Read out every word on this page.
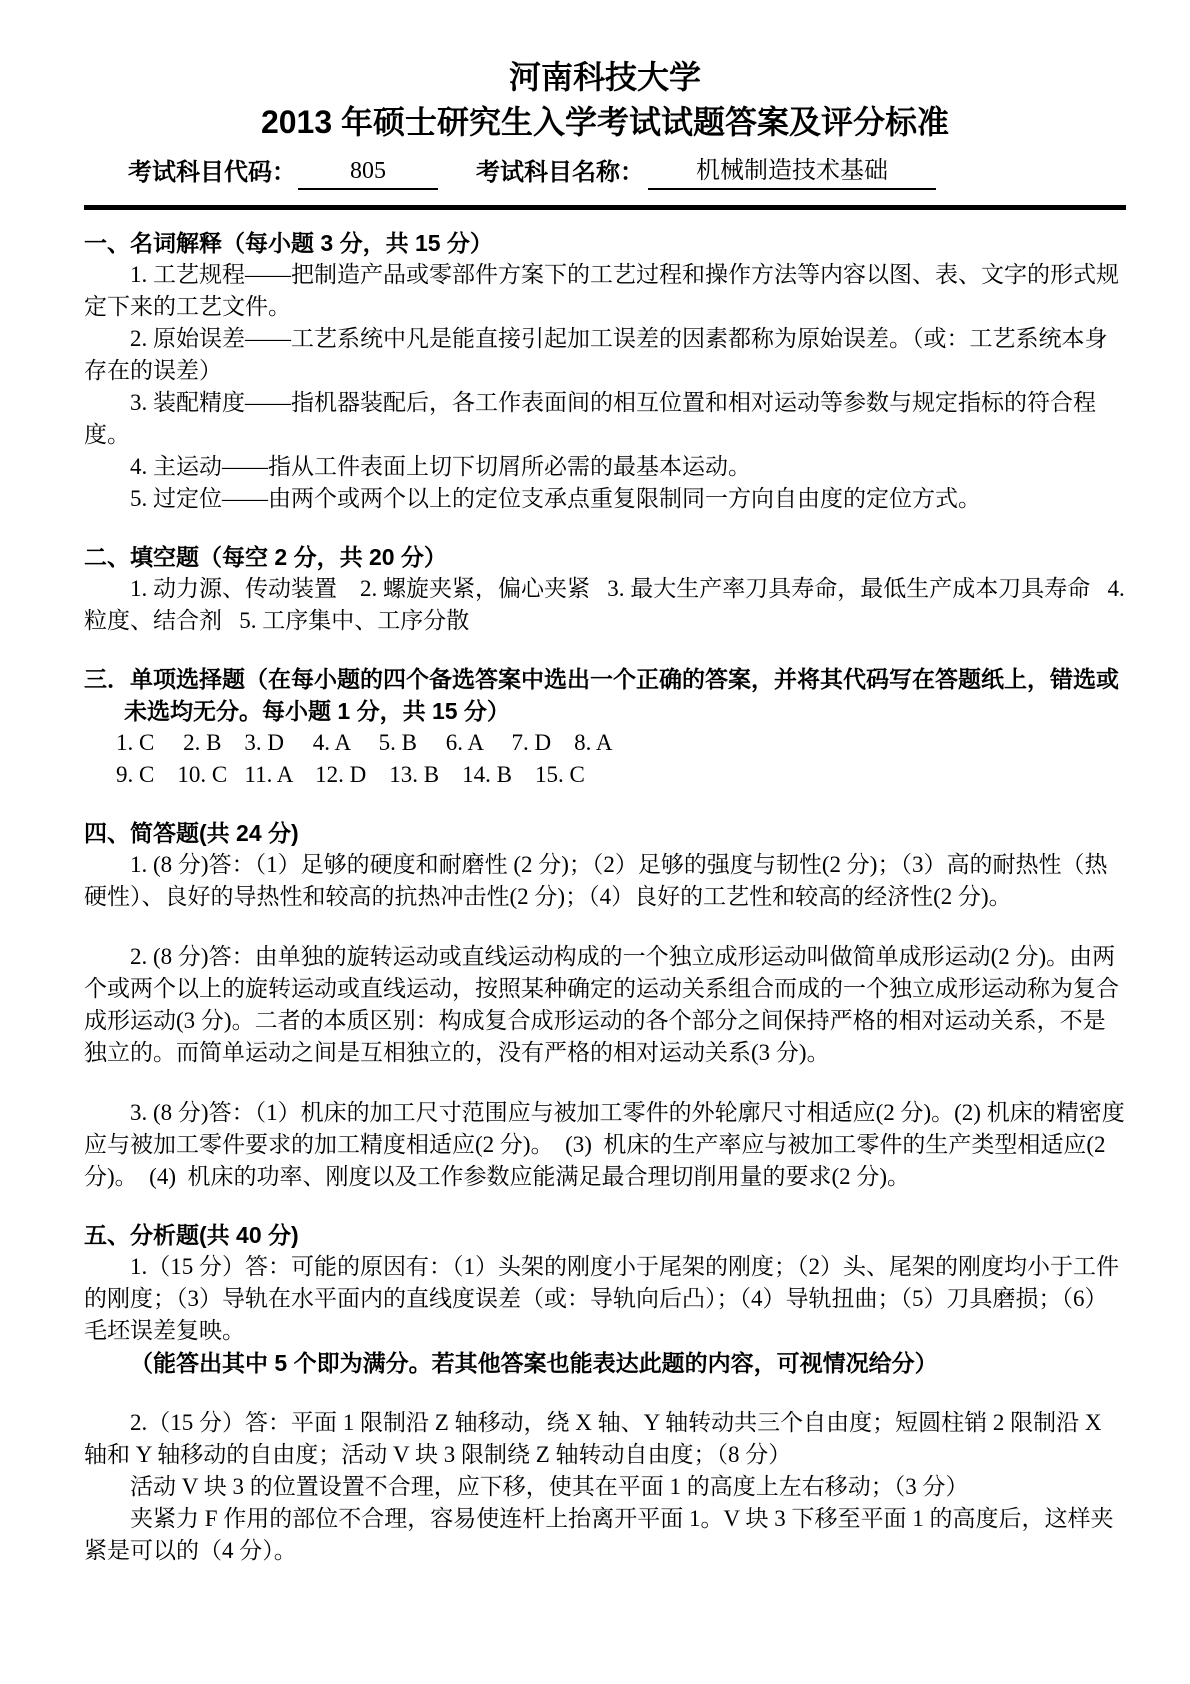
河南科技大学
2013 年硕士研究生入学考试试题答案及评分标准
考试科目代码：	805	考试科目名称：	机械制造技术基础

一、名词解释（每小题 3 分，共 15 分）

1. 工艺规程——把制造产品或零部件方案下的工艺过程和操作方法等内容以图、表、文字的形式规定下来的工艺文件。

2. 原始误差——工艺系统中凡是能直接引起加工误差的因素都称为原始误差。（或：工艺系统本身存在的误差）

3. 装配精度——指机器装配后，各工作表面间的相互位置和相对运动等参数与规定指标的符合程度。

4. 主运动——指从工件表面上切下切屑所必需的最基本运动。

5. 过定位——由两个或两个以上的定位支承点重复限制同一方向自由度的定位方式。

二、填空题（每空 2 分，共 20 分）

1. 动力源、传动装置    2. 螺旋夹紧，偏心夹紧   3. 最大生产率刀具寿命，最低生产成本刀具寿命   4. 粒度、结合剂   5. 工序集中、工序分散

三．单项选择题（在每小题的四个备选答案中选出一个正确的答案，并将其代码写在答题纸上，错选或未选均无分。每小题 1 分，共 15 分）

1. C     2. B    3. D     4. A     5. B     6. A     7. D    8. A

9. C    10. C   11. A    12. D    13. B    14. B    15. C

四、简答题(共 24 分)

1. (8 分)答：（1）足够的硬度和耐磨性 (2 分)；（2）足够的强度与韧性(2 分)；（3）高的耐热性（热硬性）、良好的导热性和较高的抗热冲击性(2 分)；（4）良好的工艺性和较高的经济性(2 分)。

2. (8 分)答：由单独的旋转运动或直线运动构成的一个独立成形运动叫做简单成形运动(2 分)。由两个或两个以上的旋转运动或直线运动，按照某种确定的运动关系组合而成的一个独立成形运动称为复合成形运动(3 分)。二者的本质区别：构成复合成形运动的各个部分之间保持严格的相对运动关系，不是独立的。而简单运动之间是互相独立的，没有严格的相对运动关系(3 分)。

3. (8 分)答：（1）机床的加工尺寸范围应与被加工零件的外轮廓尺寸相适应(2 分)。(2) 机床的精密度应与被加工零件要求的加工精度相适应(2 分)。  (3)  机床的生产率应与被加工零件的生产类型相适应(2 分)。  (4)  机床的功率、刚度以及工作参数应能满足最合理切削用量的要求(2 分)。

五、分析题(共 40 分)

1.（15 分）答：可能的原因有：（1）头架的刚度小于尾架的刚度；（2）头、尾架的刚度均小于工件的刚度；（3）导轨在水平面内的直线度误差（或：导轨向后凸）；（4）导轨扭曲；（5）刀具磨损；（6）毛坯误差复映。

（能答出其中 5 个即为满分。若其他答案也能表达此题的内容，可视情况给分）

2.（15 分）答：平面 1 限制沿 Z 轴移动，绕 X 轴、Y 轴转动共三个自由度；短圆柱销 2 限制沿 X 轴和 Y 轴移动的自由度；活动 V 块 3 限制绕 Z 轴转动自由度；（8 分）

活动 V 块 3 的位置设置不合理，应下移，使其在平面 1 的高度上左右移动；（3 分）

夹紧力 F 作用的部位不合理，容易使连杆上抬离开平面 1。V 块 3 下移至平面 1 的高度后，这样夹紧是可以的（4 分）。
